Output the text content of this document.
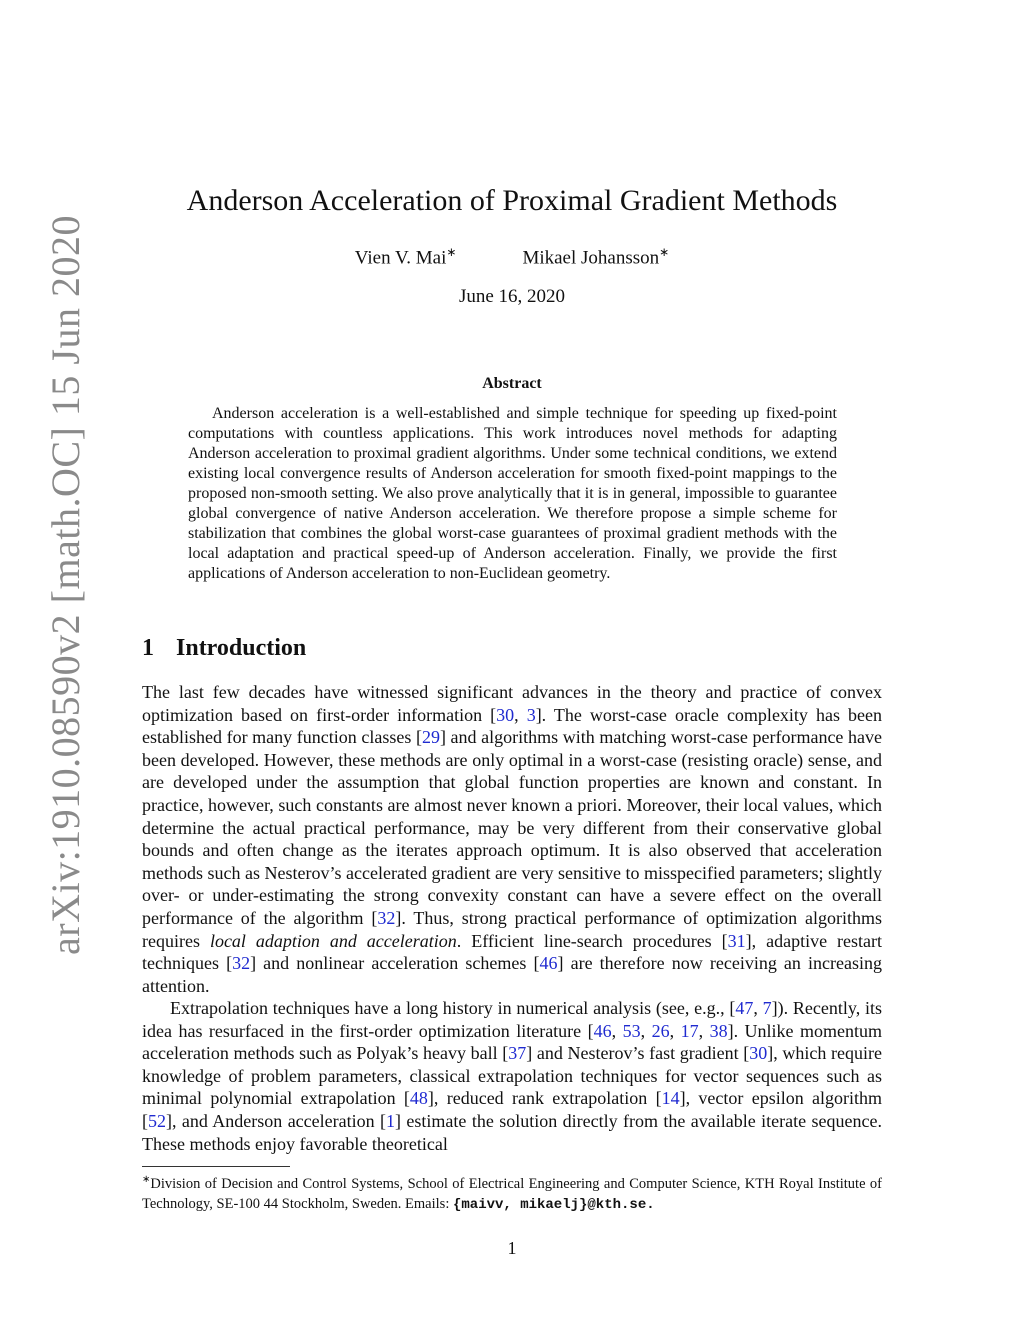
arXiv:1910.08590v2 [math.OC] 15 Jun 2020
Anderson Acceleration of Proximal Gradient Methods
Vien V. Mai∗	Mikael Johansson∗
June 16, 2020
Abstract
Anderson acceleration is a well-established and simple technique for speeding up fixed-point computations with countless applications. This work introduces novel methods for adapting Anderson acceleration to proximal gradient algorithms. Under some technical conditions, we extend existing local convergence results of Anderson acceleration for smooth fixed-point mappings to the proposed non-smooth setting. We also prove analytically that it is in general, impossible to guarantee global convergence of native Anderson acceleration. We therefore propose a simple scheme for stabilization that combines the global worst-case guarantees of proximal gradient methods with the local adaptation and practical speed-up of Anderson acceleration. Finally, we provide the first applications of Anderson acceleration to non-Euclidean geometry.
1 Introduction
The last few decades have witnessed significant advances in the theory and practice of convex optimization based on first-order information [30, 3]. The worst-case oracle complexity has been established for many function classes [29] and algorithms with matching worst-case performance have been developed. However, these methods are only optimal in a worst-case (resisting oracle) sense, and are developed under the assumption that global function properties are known and constant. In practice, however, such constants are almost never known a priori. Moreover, their local values, which determine the actual practical performance, may be very different from their conservative global bounds and often change as the iterates approach optimum. It is also observed that acceleration methods such as Nesterov’s accelerated gradient are very sensitive to misspecified parameters; slightly over- or under-estimating the strong convexity constant can have a severe effect on the overall performance of the algorithm [32]. Thus, strong practical performance of optimization algorithms requires local adaption and acceleration. Efficient line-search procedures [31], adaptive restart techniques [32] and nonlinear acceleration schemes [46] are therefore now receiving an increasing attention.
Extrapolation techniques have a long history in numerical analysis (see, e.g., [47, 7]). Recently, its idea has resurfaced in the first-order optimization literature [46, 53, 26, 17, 38]. Unlike momentum acceleration methods such as Polyak’s heavy ball [37] and Nesterov’s fast gradient [30], which require knowledge of problem parameters, classical extrapolation techniques for vector sequences such as minimal polynomial extrapolation [48], reduced rank extrapolation [14], vector epsilon algorithm [52], and Anderson acceleration [1] estimate the solution directly from the available iterate sequence. These methods enjoy favorable theoretical
∗Division of Decision and Control Systems, School of Electrical Engineering and Computer Science, KTH Royal Institute of Technology, SE-100 44 Stockholm, Sweden. Emails: {maivv, mikaelj}@kth.se.
1
